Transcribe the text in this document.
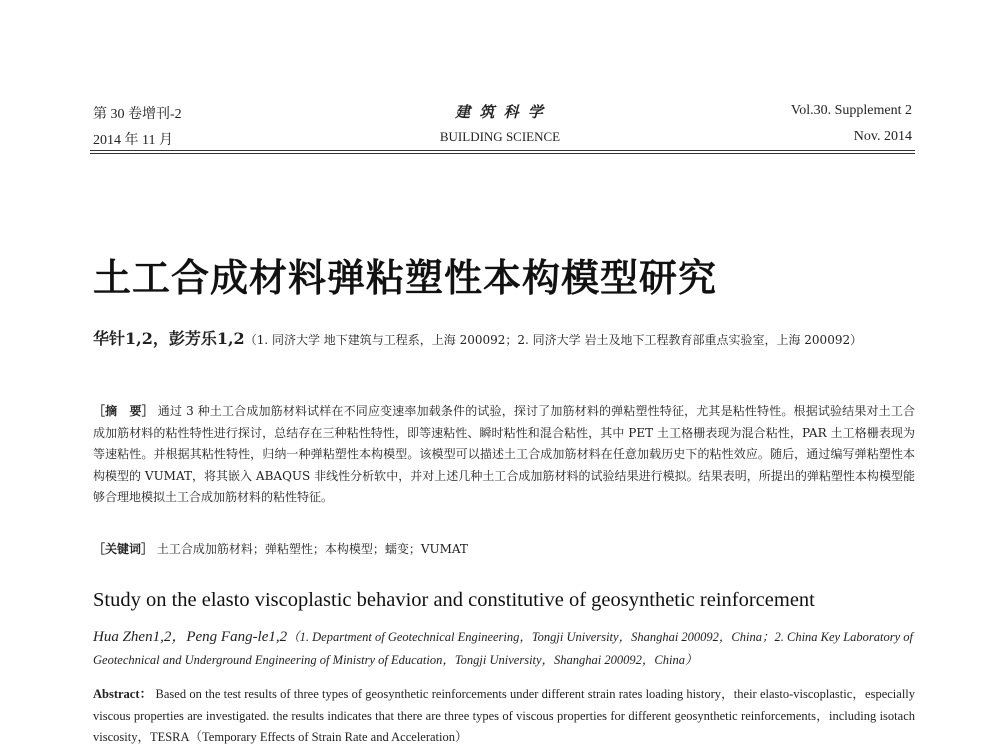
第 30 卷增刊-2
2014 年 11 月
建 筑 科 学
BUILDING SCIENCE
Vol.30. Supplement 2
Nov. 2014
土工合成材料弹粘塑性本构模型研究
华针1,2，彭芳乐1,2（1. 同济大学 地下建筑与工程系，上海 200092；2. 同济大学 岩土及地下工程教育部重点实验室，上海 200092）
［摘　要］ 通过 3 种土工合成加筋材料试样在不同应变速率加载条件的试验，探讨了加筋材料的弹粘塑性特征，尤其是粘性特性。根据试验结果对土工合成加筋材料的粘性特性进行探讨，总结存在三种粘性特性，即等速粘性、瞬时粘性和混合粘性，其中 PET 土工格栅表现为混合粘性，PAR 土工格栅表现为等速粘性。并根据其粘性特性，归纳一种弹粘塑性本构模型。该模型可以描述土工合成加筋材料在任意加载历史下的粘性效应。随后，通过编写弹粘塑性本构模型的 VUMAT，将其嵌入 ABAQUS 非线性分析软中，并对上述几种土工合成加筋材料的试验结果进行模拟。结果表明，所提出的弹粘塑性本构模型能够合理地模拟土工合成加筋材料的粘性特征。
［关键词］ 土工合成加筋材料；弹粘塑性；本构模型；蠕变；VUMAT
Study on the elasto viscoplastic behavior and constitutive of geosynthetic reinforcement
Hua Zhen1,2，Peng Fang-le1,2（1. Department of Geotechnical Engineering，Tongji University，Shanghai 200092，China；2. China Key Laboratory of Geotechnical and Underground Engineering of Ministry of Education，Tongji University，Shanghai 200092，China）
Abstract： Based on the test results of three types of geosynthetic reinforcements under different strain rates loading history，their elasto-viscoplastic，especially viscous properties are investigated. the results indicates that there are three types of viscous properties for different geosynthetic reinforcements，including isotach viscosity，TESRA（Temporary Effects of Strain Rate and Acceleration）
